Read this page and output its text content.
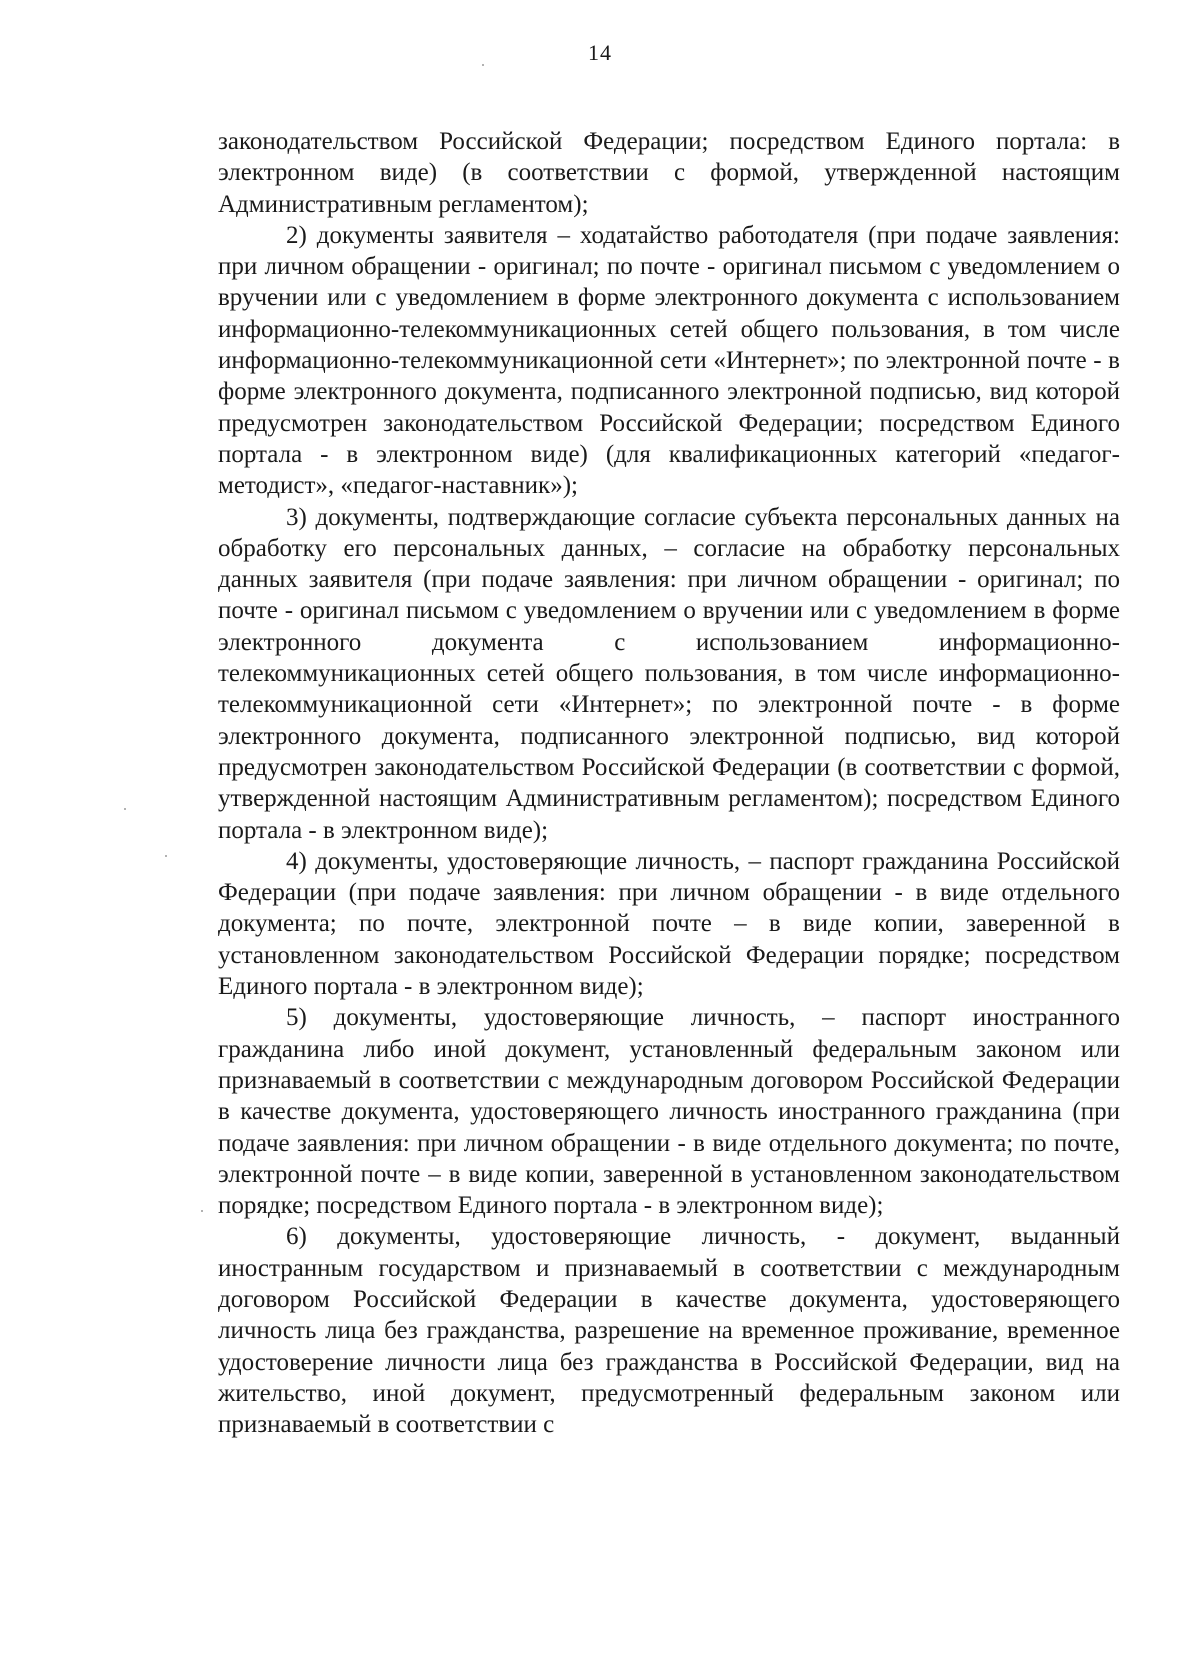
14

законодательством Российской Федерации; посредством Единого портала: в электронном виде) (в соответствии с формой, утвержденной настоящим Административным регламентом);

2) документы заявителя – ходатайство работодателя (при подаче заявления: при личном обращении - оригинал; по почте - оригинал письмом с уведомлением о вручении или с уведомлением в форме электронного документа с использованием информационно-телекоммуникационных сетей общего пользования, в том числе информационно-телекоммуникационной сети «Интернет»; по электронной почте - в форме электронного документа, подписанного электронной подписью, вид которой предусмотрен законодательством Российской Федерации; посредством Единого портала - в электронном виде) (для квалификационных категорий «педагог-методист», «педагог-наставник»);

3) документы, подтверждающие согласие субъекта персональных данных на обработку его персональных данных, – согласие на обработку персональных данных заявителя (при подаче заявления: при личном обращении - оригинал; по почте - оригинал письмом с уведомлением о вручении или с уведомлением в форме электронного документа с использованием информационно-телекоммуникационных сетей общего пользования, в том числе информационно-телекоммуникационной сети «Интернет»; по электронной почте - в форме электронного документа, подписанного электронной подписью, вид которой предусмотрен законодательством Российской Федерации (в соответствии с формой, утвержденной настоящим Административным регламентом); посредством Единого портала - в электронном виде);

4) документы, удостоверяющие личность, – паспорт гражданина Российской Федерации (при подаче заявления: при личном обращении - в виде отдельного документа; по почте, электронной почте – в виде копии, заверенной в установленном законодательством Российской Федерации порядке; посредством Единого портала - в электронном виде);

5) документы, удостоверяющие личность, – паспорт иностранного гражданина либо иной документ, установленный федеральным законом или признаваемый в соответствии с международным договором Российской Федерации в качестве документа, удостоверяющего личность иностранного гражданина (при подаче заявления: при личном обращении - в виде отдельного документа; по почте, электронной почте – в виде копии, заверенной в установленном законодательством порядке; посредством Единого портала - в электронном виде);

6) документы, удостоверяющие личность, - документ, выданный иностранным государством и признаваемый в соответствии с международным договором Российской Федерации в качестве документа, удостоверяющего личность лица без гражданства, разрешение на временное проживание, временное удостоверение личности лица без гражданства в Российской Федерации, вид на жительство, иной документ, предусмотренный федеральным законом или признаваемый в соответствии с
